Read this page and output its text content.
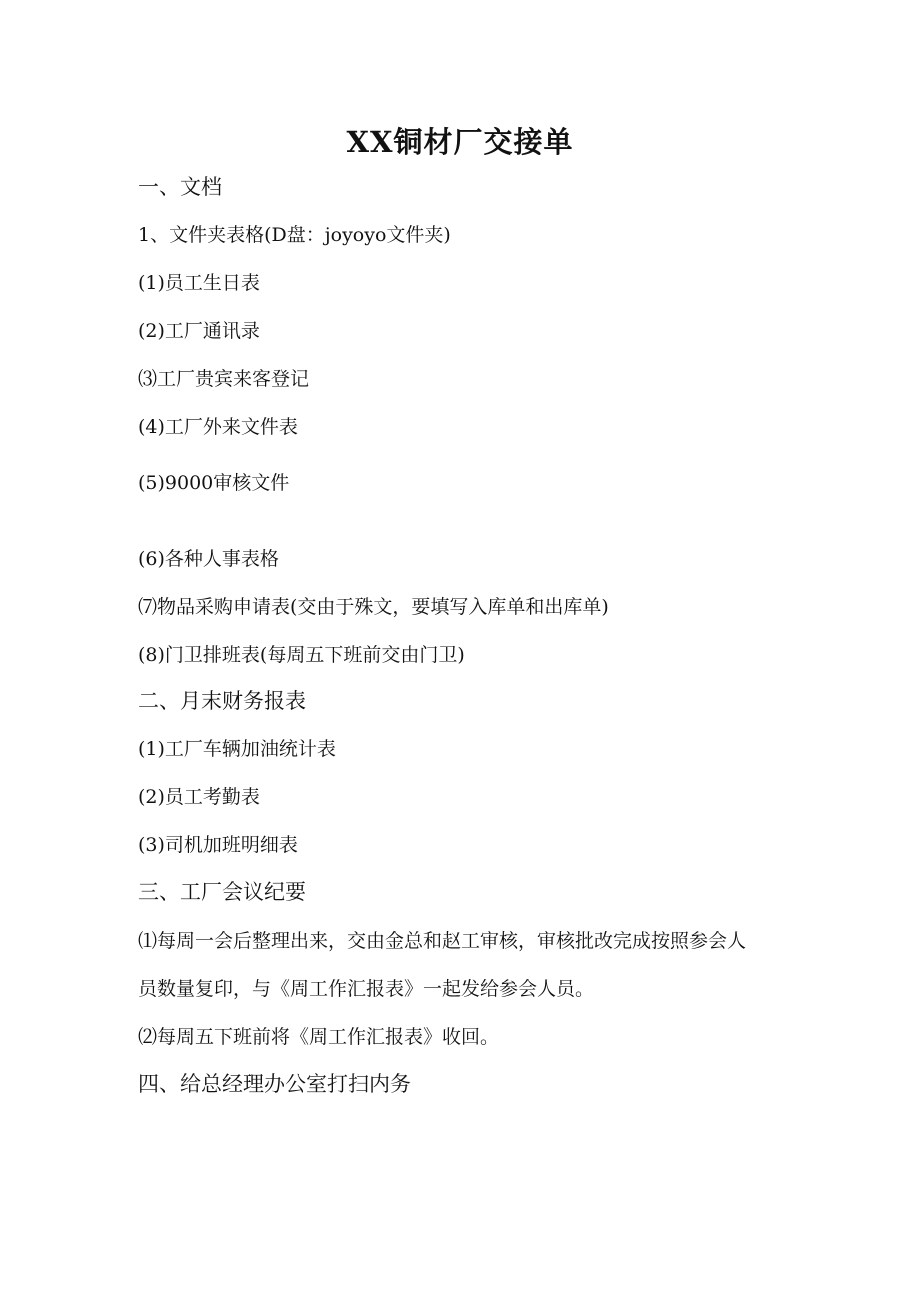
XX铜材厂交接单
一、文档
1、文件夹表格(D盘：joyoyo文件夹)
(1)员工生日表
(2)工厂通讯录
⑶工厂贵宾来客登记
(4)工厂外来文件表
(5)9000审核文件
(6)各种人事表格
⑺物品采购申请表(交由于殊文，要填写入库单和出库单)
(8)门卫排班表(每周五下班前交由门卫)
二、月末财务报表
(1)工厂车辆加油统计表
(2)员工考勤表
(3)司机加班明细表
三、工厂会议纪要
⑴每周一会后整理出来，交由金总和赵工审核，审核批改完成按照参会人
员数量复印，与《周工作汇报表》一起发给参会人员。
⑵每周五下班前将《周工作汇报表》收回。
四、给总经理办公室打扫内务
